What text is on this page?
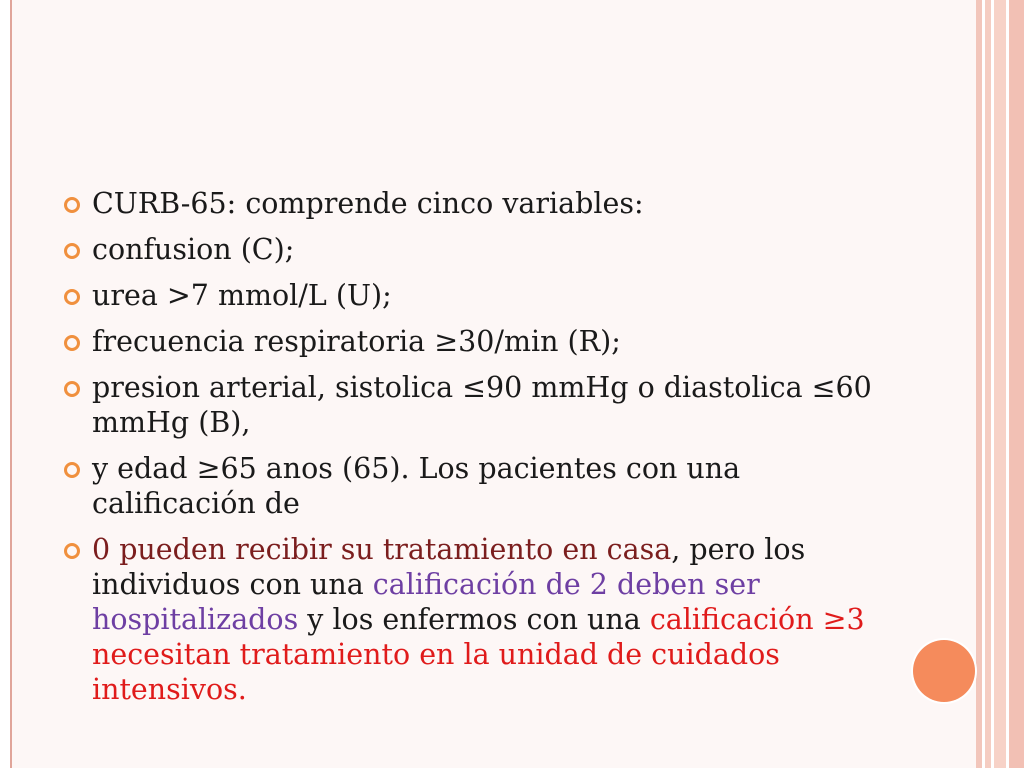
CURB-65: comprende cinco variables:
confusion (C);
urea >7 mmol/L (U);
frecuencia respiratoria ≥30/min (R);
presion arterial, sistolica ≤90 mmHg o diastolica ≤60 mmHg (B),
y edad ≥65 anos (65). Los pacientes con una calificación de
0 pueden recibir su tratamiento en casa, pero los individuos con una calificación de 2 deben ser hospitalizados y los enfermos con una calificación ≥3 necesitan tratamiento en la unidad de cuidados intensivos.
